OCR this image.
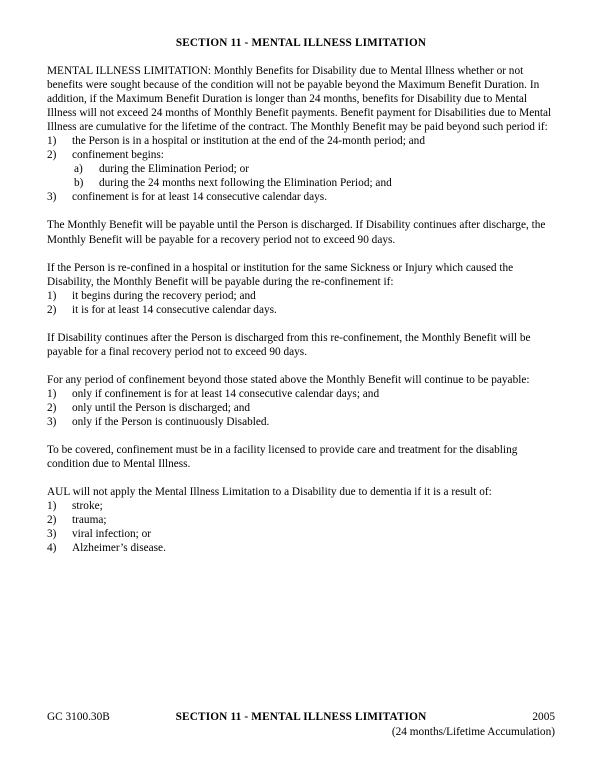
SECTION 11 - MENTAL ILLNESS LIMITATION

MENTAL ILLNESS LIMITATION: Monthly Benefits for Disability due to Mental Illness whether or not benefits were sought because of the condition will not be payable beyond the Maximum Benefit Duration. In addition, if the Maximum Benefit Duration is longer than 24 months, benefits for Disability due to Mental Illness will not exceed 24 months of Monthly Benefit payments. Benefit payment for Disabilities due to Mental Illness are cumulative for the lifetime of the contract. The Monthly Benefit may be paid beyond such period if:

1)	the Person is in a hospital or institution at the end of the 24-month period; and
2)	confinement begins:
a)	during the Elimination Period; or
b)	during the 24 months next following the Elimination Period; and
3)	confinement is for at least 14 consecutive calendar days.

The Monthly Benefit will be payable until the Person is discharged. If Disability continues after discharge, the Monthly Benefit will be payable for a recovery period not to exceed 90 days.

If the Person is re-confined in a hospital or institution for the same Sickness or Injury which caused the Disability, the Monthly Benefit will be payable during the re-confinement if:

1)	it begins during the recovery period; and
2)	it is for at least 14 consecutive calendar days.

If Disability continues after the Person is discharged from this re-confinement, the Monthly Benefit will be payable for a final recovery period not to exceed 90 days.

For any period of confinement beyond those stated above the Monthly Benefit will continue to be payable:

1)	only if confinement is for at least 14 consecutive calendar days; and
2)	only until the Person is discharged; and
3)	only if the Person is continuously Disabled.

To be covered, confinement must be in a facility licensed to provide care and treatment for the disabling condition due to Mental Illness.

AUL will not apply the Mental Illness Limitation to a Disability due to dementia if it is a result of:

1)	stroke;
2)	trauma;
3)	viral infection; or
4)	Alzheimer’s disease.
GC 3100.30B	SECTION 11 - MENTAL ILLNESS LIMITATION	2005
(24 months/Lifetime Accumulation)
